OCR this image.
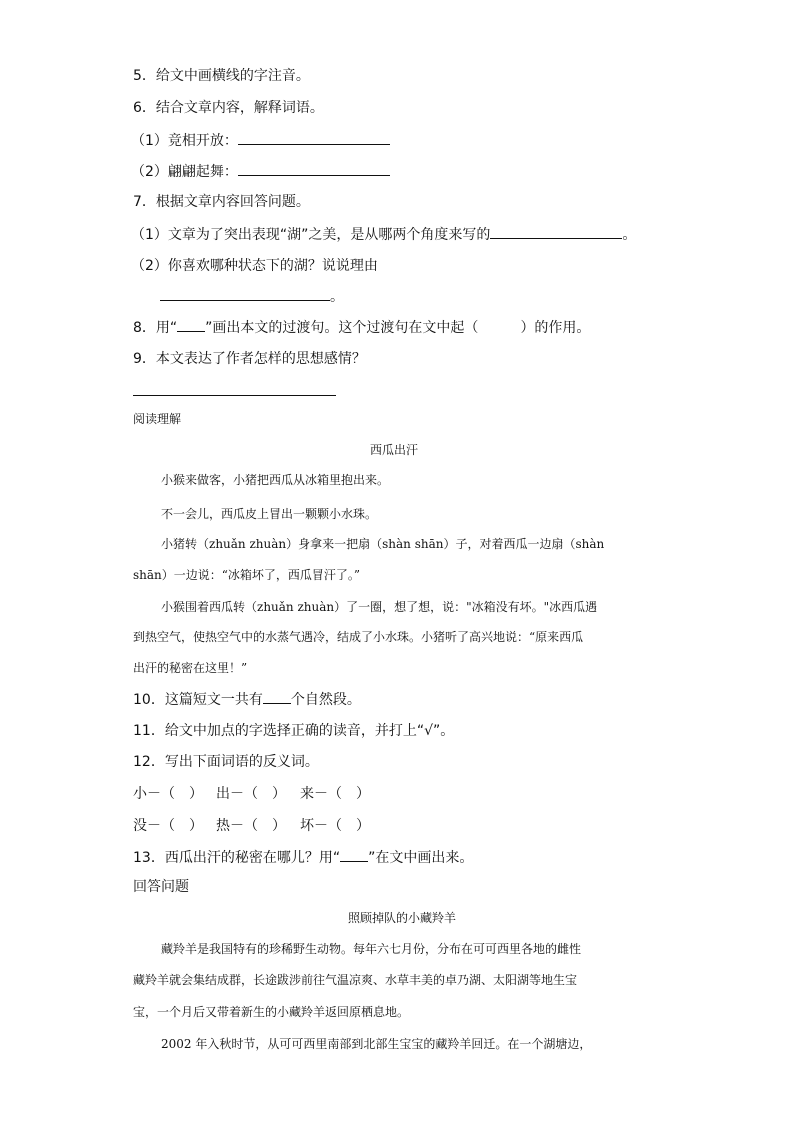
5．给文中画横线的字注音。
6．结合文章内容，解释词语。
（1）竞相开放：
（2）翩翩起舞：
7．根据文章内容回答问题。
（1）文章为了突出表现“湖”之美，是从哪两个角度来写的	。
（2）你喜欢哪种状态下的湖？说说理由
。
8．用“ ”画出本文的过渡句。这个过渡句在文中起（	）的作用。
9．本文表达了作者怎样的思想感情？
阅读理解
西瓜出汗
小猴来做客，小猪把西瓜从冰箱里抱出来。
不一会儿，西瓜皮上冒出一颗颗小水珠。
小猪转（zhuǎn zhuàn）身拿来一把扇（shàn shān）子，对着西瓜一边扇（shàn
shān）一边说：“冰箱坏了，西瓜冒汗了。”
小猴围着西瓜转（zhuǎn zhuàn）了一圈，想了想，说："冰箱没有坏。"冰西瓜遇
到热空气，使热空气中的水蒸气遇冷，结成了小水珠。小猪听了高兴地说：“原来西瓜
出汗的秘密在这里！”
10．这篇短文一共有 个自然段。
11．给文中加点的字选择正确的读音，并打上“√”。
12．写出下面词语的反义词。
小－（　） 出－（　） 来－（　）
没－（　） 热－（　） 坏－（　）
13．西瓜出汗的秘密在哪儿？用“ ”在文中画出来。
回答问题
照顾掉队的小藏羚羊
藏羚羊是我国特有的珍稀野生动物。每年六七月份，分布在可可西里各地的雌性
藏羚羊就会集结成群，长途跋涉前往气温凉爽、水草丰美的卓乃湖、太阳湖等地生宝
宝，一个月后又带着新生的小藏羚羊返回原栖息地。
2002 年入秋时节，从可可西里南部到北部生宝宝的藏羚羊回迁。在一个湖塘边，
